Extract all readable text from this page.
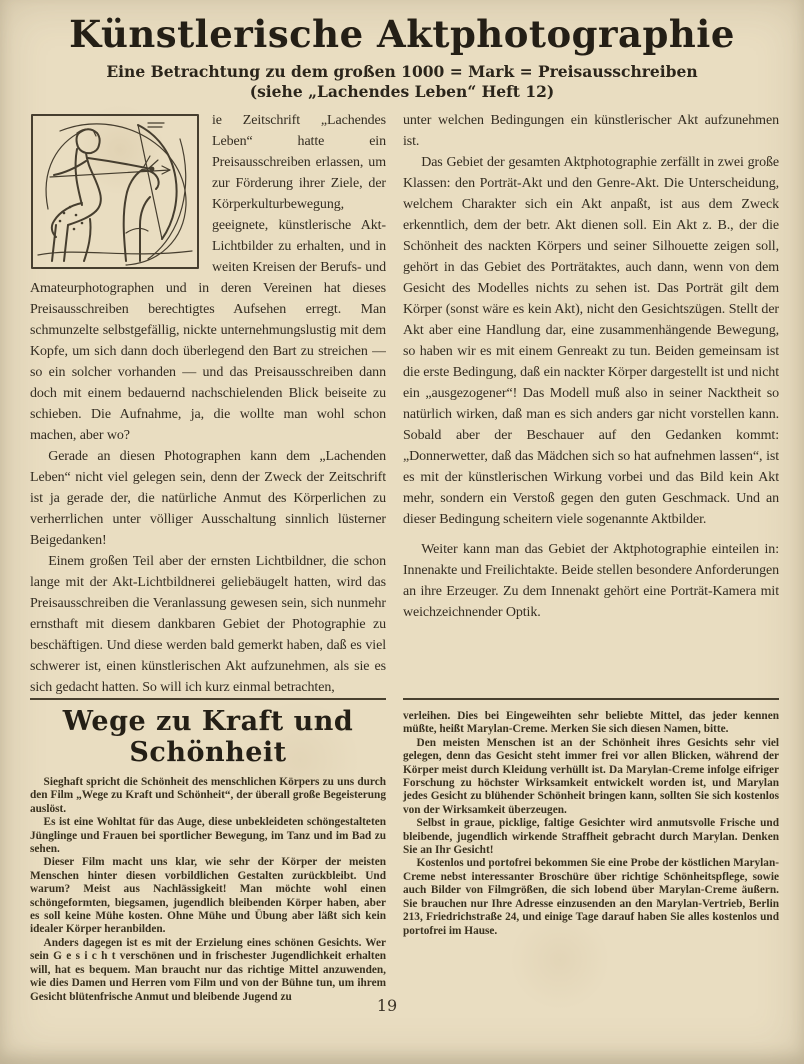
Künstlerische Aktphotographie
Eine Betrachtung zu dem großen 1000 = Mark = Preisausschreiben
(siehe „Lachendes Leben“ Heft 12)

ie Zeitschrift „Lachendes Leben“ hatte ein Preisausschreiben erlassen, um zur Förderung ihrer Ziele, der Körperkulturbewegung, geeignete, künstlerische Akt-Lichtbilder zu erhalten, und in weiten Kreisen der Berufs- und Amateurphotographen und in deren Vereinen hat dieses Preisausschreiben berechtigtes Aufsehen erregt. Man schmunzelte selbstgefällig, nickte unternehmungslustig mit dem Kopfe, um sich dann doch überlegend den Bart zu streichen — so ein solcher vorhanden — und das Preisausschreiben dann doch mit einem bedauernd nachschielenden Blick beiseite zu schieben. Die Aufnahme, ja, die wollte man wohl schon machen, aber wo?

Gerade an diesen Photographen kann dem „Lachenden Leben“ nicht viel gelegen sein, denn der Zweck der Zeitschrift ist ja gerade der, die natürliche Anmut des Körperlichen zu verherrlichen unter völliger Ausschaltung sinnlich lüsterner Beigedanken!

Einem großen Teil aber der ernsten Lichtbildner, die schon lange mit der Akt-Lichtbildnerei geliebäugelt hatten, wird das Preisausschreiben die Veranlassung gewesen sein, sich nunmehr ernsthaft mit diesem dankbaren Gebiet der Photographie zu beschäftigen. Und diese werden bald gemerkt haben, daß es viel schwerer ist, einen künstlerischen Akt aufzunehmen, als sie es sich gedacht hatten. So will ich kurz einmal betrachten,

Wege zu Kraft und Schönheit

Sieghaft spricht die Schönheit des menschlichen Körpers zu uns durch den Film „Wege zu Kraft und Schönheit“, der überall große Begeisterung auslöst.

Es ist eine Wohltat für das Auge, diese unbekleideten schöngestalteten Jünglinge und Frauen bei sportlicher Bewegung, im Tanz und im Bad zu sehen.

Dieser Film macht uns klar, wie sehr der Körper der meisten Menschen hinter diesen vorbildlichen Gestalten zurückbleibt. Und warum? Meist aus Nachlässigkeit! Man möchte wohl einen schöngeformten, biegsamen, jugendlich bleibenden Körper haben, aber es soll keine Mühe kosten. Ohne Mühe und Übung aber läßt sich kein idealer Körper heranbilden.

Anders dagegen ist es mit der Erzielung eines schönen Gesichts. Wer sein G e s i c h t verschönen und in frischester Jugendlichkeit erhalten will, hat es bequem. Man braucht nur das richtige Mittel anzuwenden, wie dies Damen und Herren vom Film und von der Bühne tun, um ihrem Gesicht blütenfrische Anmut und bleibende Jugend zu

unter welchen Bedingungen ein künstlerischer Akt aufzunehmen ist.

Das Gebiet der gesamten Aktphotographie zerfällt in zwei große Klassen: den Porträt-Akt und den Genre-Akt. Die Unterscheidung, welchem Charakter sich ein Akt anpaßt, ist aus dem Zweck erkenntlich, dem der betr. Akt dienen soll. Ein Akt z. B., der die Schönheit des nackten Körpers und seiner Silhouette zeigen soll, gehört in das Gebiet des Porträtaktes, auch dann, wenn von dem Gesicht des Modelles nichts zu sehen ist. Das Porträt gilt dem Körper (sonst wäre es kein Akt), nicht den Gesichtszügen. Stellt der Akt aber eine Handlung dar, eine zusammenhängende Bewegung, so haben wir es mit einem Genreakt zu tun. Beiden gemeinsam ist die erste Bedingung, daß ein nackter Körper dargestellt ist und nicht ein „ausgezogener“! Das Modell muß also in seiner Nacktheit so natürlich wirken, daß man es sich anders gar nicht vorstellen kann. Sobald aber der Beschauer auf den Gedanken kommt: „Donnerwetter, daß das Mädchen sich so hat aufnehmen lassen“, ist es mit der künstlerischen Wirkung vorbei und das Bild kein Akt mehr, sondern ein Verstoß gegen den guten Geschmack. Und an dieser Bedingung scheitern viele sogenannte Aktbilder.

Weiter kann man das Gebiet der Aktphotographie einteilen in: Innenakte und Freilichtakte. Beide stellen besondere Anforderungen an ihre Erzeuger. Zu dem Innenakt gehört eine Porträt-Kamera mit weichzeichnender Optik.

verleihen. Dies bei Eingeweihten sehr beliebte Mittel, das jeder kennen müßte, heißt Marylan-Creme. Merken Sie sich diesen Namen, bitte.

Den meisten Menschen ist an der Schönheit ihres Gesichts sehr viel gelegen, denn das Gesicht steht immer frei vor allen Blicken, während der Körper meist durch Kleidung verhüllt ist. Da Marylan-Creme infolge eifriger Forschung zu höchster Wirksamkeit entwickelt worden ist, und Marylan jedes Gesicht zu blühender Schönheit bringen kann, sollten Sie sich kostenlos von der Wirksamkeit überzeugen.

Selbst in graue, picklige, faltige Gesichter wird anmutsvolle Frische und bleibende, jugendlich wirkende Straffheit gebracht durch Marylan. Denken Sie an Ihr Gesicht!

Kostenlos und portofrei bekommen Sie eine Probe der köstlichen Marylan-Creme nebst interessanter Broschüre über richtige Schönheitspflege, sowie auch Bilder von Filmgrößen, die sich lobend über Marylan-Creme äußern. Sie brauchen nur Ihre Adresse einzusenden an den Marylan-Vertrieb, Berlin 213, Friedrichstraße 24, und einige Tage darauf haben Sie alles kostenlos und portofrei im Hause.

19
